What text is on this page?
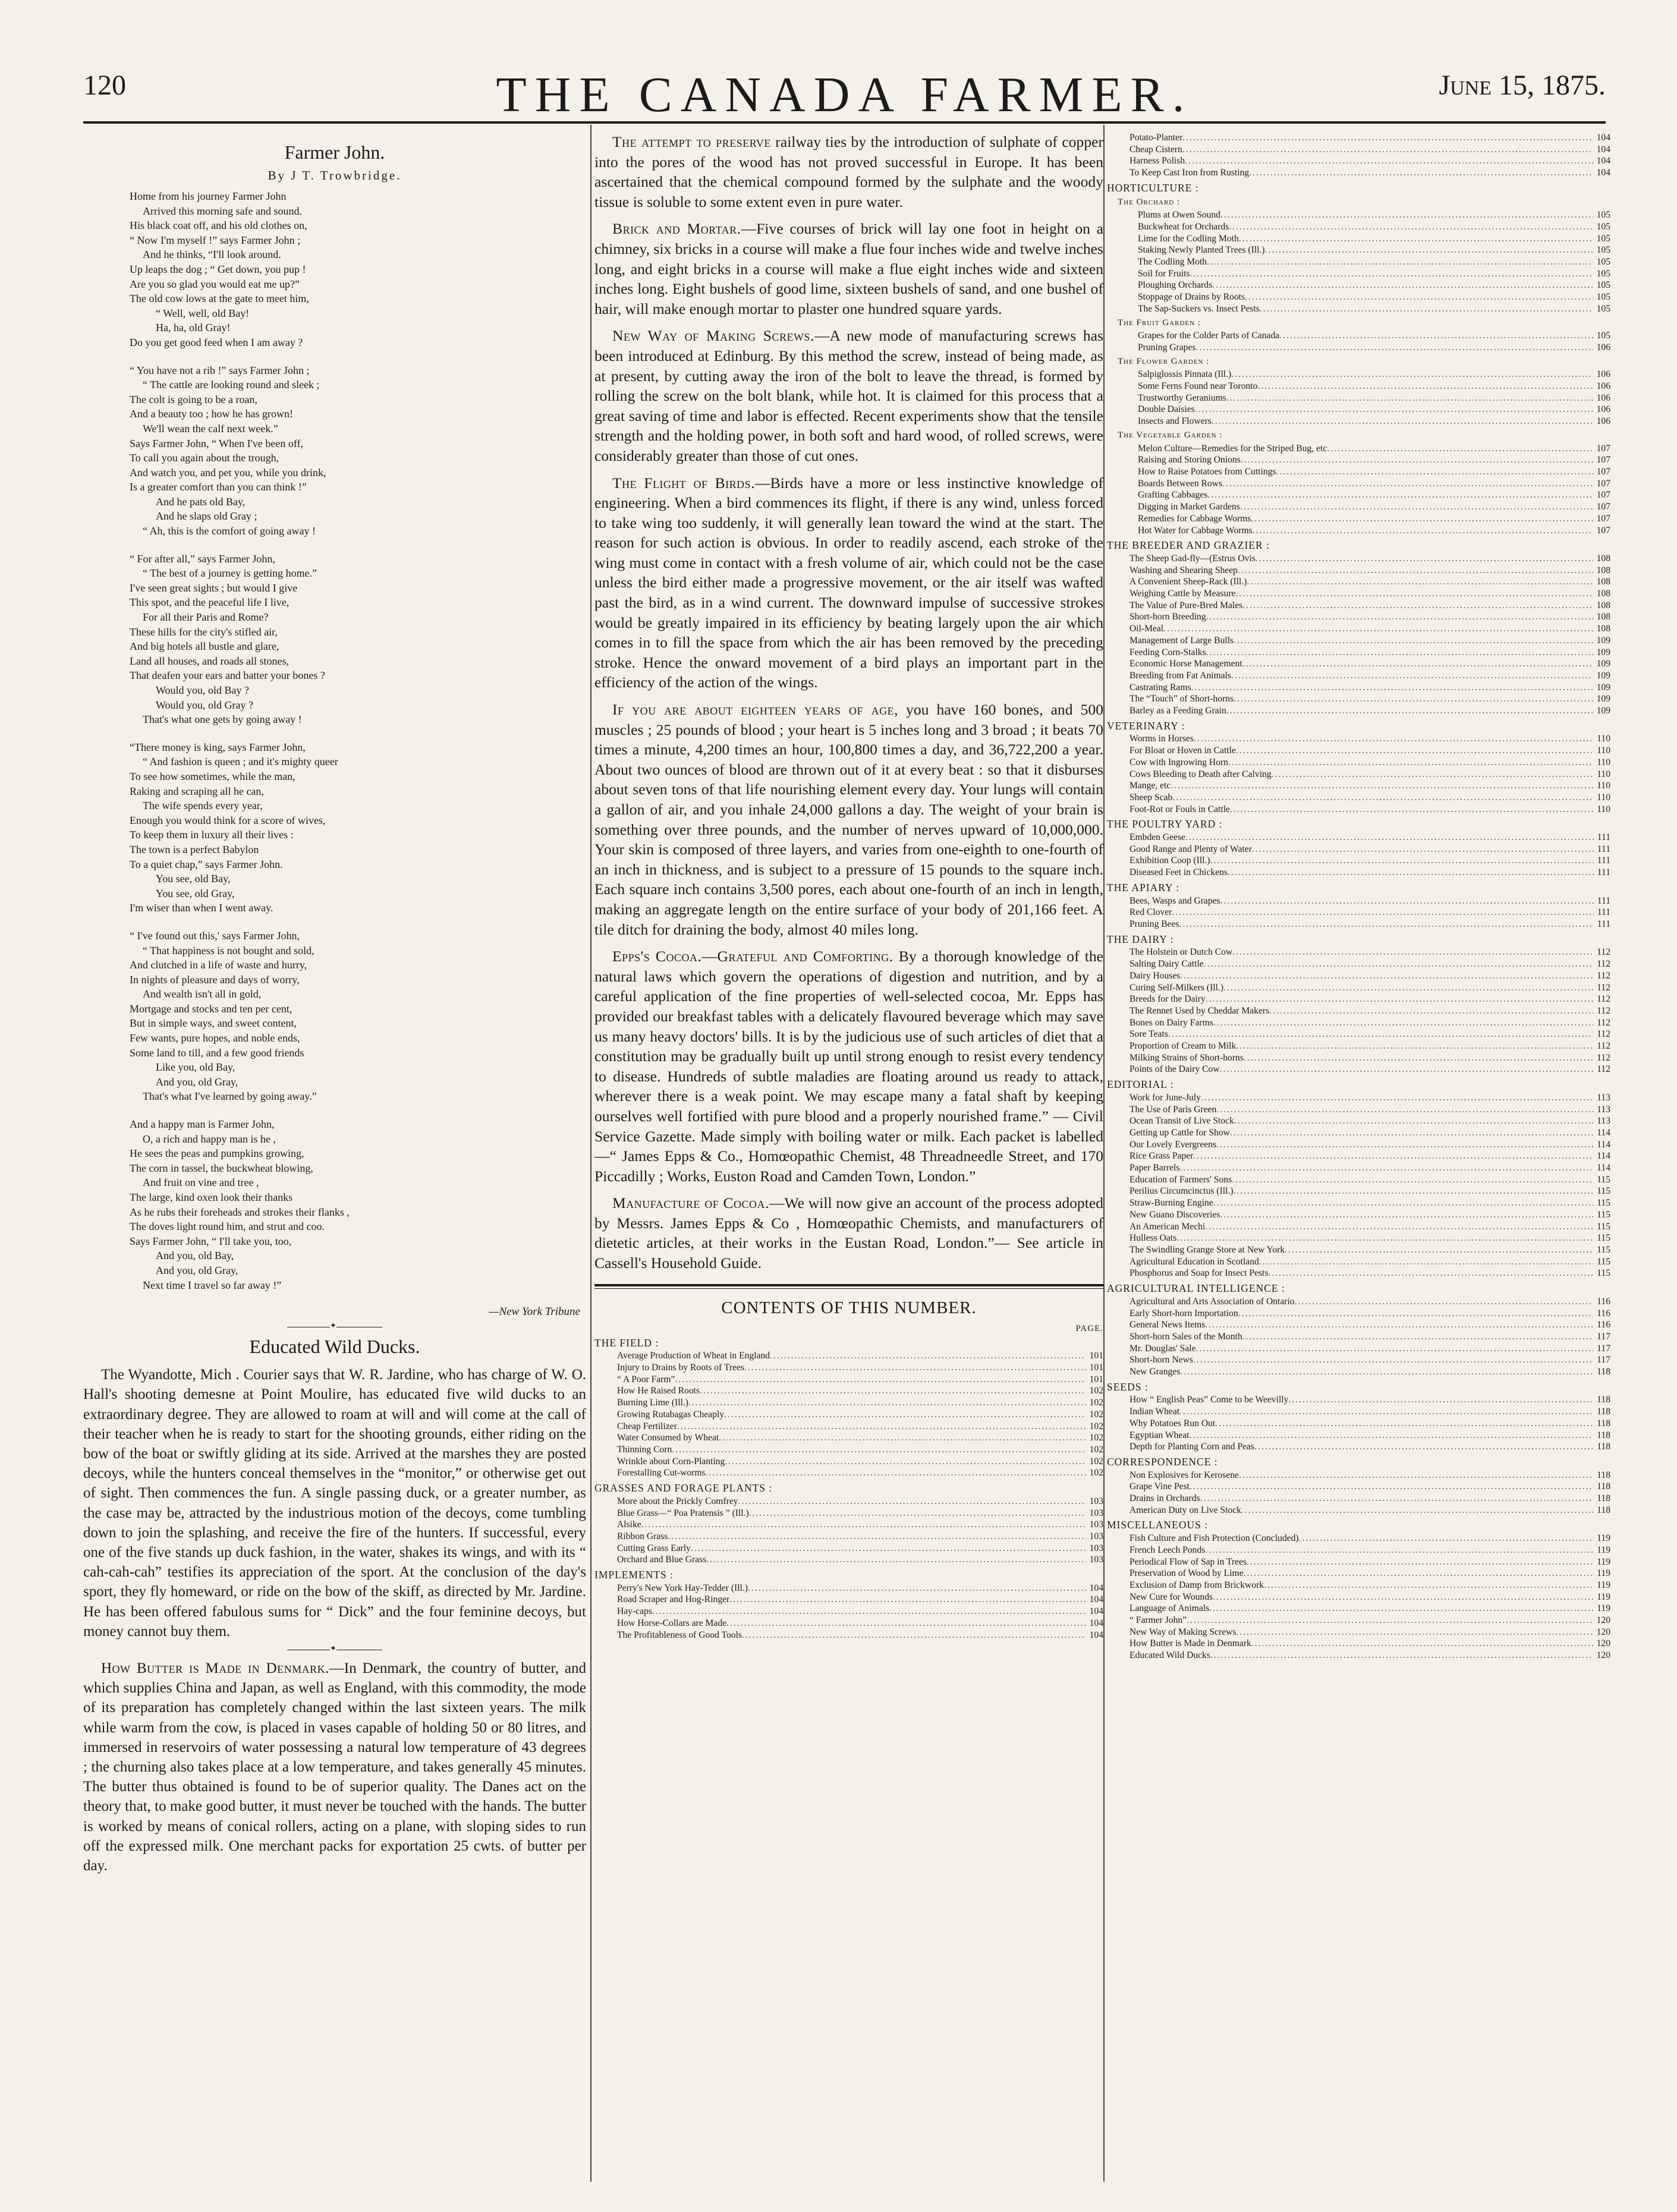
120	THE CANADA FARMER.	June 15, 1875.
Farmer John.
By J T. Trowbridge.
Home from his journey Farmer John
Arrived this morning safe and sound.
His black coat off, and his old clothes on,
“ Now I'm myself !” says Farmer John ;
And he thinks, “I'll look around.
Up leaps the dog ; “ Get down, you pup !
Are you so glad you would eat me up?”
The old cow lows at the gate to meet him,
“ Well, well, old Bay!
Ha, ha, old Gray!
Do you get good feed when I am away ?
“ You have not a rib !” says Farmer John ;
“ The cattle are looking round and sleek ;
The colt is going to be a roan,
And a beauty too ; how he has grown!
We'll wean the calf next week.”
Says Farmer John, “ When I've been off,
To call you again about the trough,
And watch you, and pet you, while you drink,
Is a greater comfort than you can think !”
And he pats old Bay,
And he slaps old Gray ;
“ Ah, this is the comfort of going away !
“ For after all,” says Farmer John,
“ The best of a journey is getting home.”
I've seen great sights ; but would I give
This spot, and the peaceful life I live,
For all their Paris and Rome?
These hills for the city's stifled air,
And big hotels all bustle and glare,
Land all houses, and roads all stones,
That deafen your ears and batter your bones ?
Would you, old Bay ?
Would you, old Gray ?
That's what one gets by going away !
“There money is king, says Farmer John,
“ And fashion is queen ; and it's mighty queer
To see how sometimes, while the man,
Raking and scraping all he can,
The wife spends every year,
Enough you would think for a score of wives,
To keep them in luxury all their lives :
The town is a perfect Babylon
To a quiet chap,” says Farmer John.
You see, old Bay,
You see, old Gray,
I'm wiser than when I went away.
“ I've found out this,' says Farmer John,
“ That happiness is not bought and sold,
And clutched in a life of waste and hurry,
In nights of pleasure and days of worry,
And wealth isn't all in gold,
Mortgage and stocks and ten per cent,
But in simple ways, and sweet content,
Few wants, pure hopes, and noble ends,
Some land to till, and a few good friends
Like you, old Bay,
And you, old Gray,
That's what I've learned by going away.”
And a happy man is Farmer John,
O, a rich and happy man is he ,
He sees the peas and pumpkins growing,
The corn in tassel, the buckwheat blowing,
And fruit on vine and tree ,
The large, kind oxen look their thanks
As he rubs their foreheads and strokes their flanks ,
The doves light round him, and strut and coo.
Says Farmer John, “ I'll take you, too,
And you, old Bay,
And you, old Gray,
Next time I travel so far away !”
—New York Tribune
✦
Educated Wild Ducks.

The Wyandotte, Mich . Courier says that W. R. Jardine, who has charge of W. O. Hall's shooting demesne at Point Moulire, has educated five wild ducks to an extraordinary degree. They are allowed to roam at will and will come at the call of their teacher when he is ready to start for the shooting grounds, either riding on the bow of the boat or swiftly gliding at its side. Arrived at the marshes they are posted decoys, while the hunters conceal themselves in the “monitor,” or otherwise get out of sight. Then commences the fun. A single passing duck, or a greater number, as the case may be, attracted by the industrious motion of the decoys, come tumbling down to join the splashing, and receive the fire of the hunters. If successful, every one of the five stands up duck fashion, in the water, shakes its wings, and with its “ cah-cah-cah” testifies its appreciation of the sport. At the conclusion of the day's sport, they fly homeward, or ride on the bow of the skiff, as directed by Mr. Jardine. He has been offered fabulous sums for “ Dick” and the four feminine decoys, but money cannot buy them.

✦

How Butter is Made in Denmark.—In Denmark, the country of butter, and which supplies China and Japan, as well as England, with this commodity, the mode of its preparation has completely changed within the last sixteen years. The milk while warm from the cow, is placed in vases capable of holding 50 or 80 litres, and immersed in reservoirs of water possessing a natural low temperature of 43 degrees ; the churning also takes place at a low temperature, and takes generally 45 minutes. The butter thus obtained is found to be of superior quality. The Danes act on the theory that, to make good butter, it must never be touched with the hands. The butter is worked by means of conical rollers, acting on a plane, with sloping sides to run off the expressed milk. One merchant packs for exportation 25 cwts. of butter per day.

The attempt to preserve railway ties by the introduction of sulphate of copper into the pores of the wood has not proved successful in Europe. It has been ascertained that the chemical compound formed by the sulphate and the woody tissue is soluble to some extent even in pure water.

Brick and Mortar.—Five courses of brick will lay one foot in height on a chimney, six bricks in a course will make a flue four inches wide and twelve inches long, and eight bricks in a course will make a flue eight inches wide and sixteen inches long. Eight bushels of good lime, sixteen bushels of sand, and one bushel of hair, will make enough mortar to plaster one hundred square yards.

New Way of Making Screws.—A new mode of manufacturing screws has been introduced at Edinburg. By this method the screw, instead of being made, as at present, by cutting away the iron of the bolt to leave the thread, is formed by rolling the screw on the bolt blank, while hot. It is claimed for this process that a great saving of time and labor is effected. Recent experiments show that the tensile strength and the holding power, in both soft and hard wood, of rolled screws, were considerably greater than those of cut ones.

The Flight of Birds.—Birds have a more or less instinctive knowledge of engineering. When a bird commences its flight, if there is any wind, unless forced to take wing too suddenly, it will generally lean toward the wind at the start. The reason for such action is obvious. In order to readily ascend, each stroke of the wing must come in contact with a fresh volume of air, which could not be the case unless the bird either made a progressive movement, or the air itself was wafted past the bird, as in a wind current. The downward impulse of successive strokes would be greatly impaired in its efficiency by beating largely upon the air which comes in to fill the space from which the air has been removed by the preceding stroke. Hence the onward movement of a bird plays an important part in the efficiency of the action of the wings.

If you are about eighteen years of age, you have 160 bones, and 500 muscles ; 25 pounds of blood ; your heart is 5 inches long and 3 broad ; it beats 70 times a minute, 4,200 times an hour, 100,800 times a day, and 36,722,200 a year. About two ounces of blood are thrown out of it at every beat : so that it disburses about seven tons of that life nourishing element every day. Your lungs will contain a gallon of air, and you inhale 24,000 gallons a day. The weight of your brain is something over three pounds, and the number of nerves upward of 10,000,000. Your skin is composed of three layers, and varies from one-eighth to one-fourth of an inch in thickness, and is subject to a pressure of 15 pounds to the square inch. Each square inch contains 3,500 pores, each about one-fourth of an inch in length, making an aggregate length on the entire surface of your body of 201,166 feet. A tile ditch for draining the body, almost 40 miles long.

Epps's Cocoa.—Grateful and Comforting. By a thorough knowledge of the natural laws which govern the operations of digestion and nutrition, and by a careful application of the fine properties of well-selected cocoa, Mr. Epps has provided our breakfast tables with a delicately flavoured beverage which may save us many heavy doctors' bills. It is by the judicious use of such articles of diet that a constitution may be gradually built up until strong enough to resist every tendency to disease. Hundreds of subtle maladies are floating around us ready to attack, wherever there is a weak point. We may escape many a fatal shaft by keeping ourselves well fortified with pure blood and a properly nourished frame.” — Civil Service Gazette. Made simply with boiling water or milk. Each packet is labelled—“ James Epps & Co., Homœopathic Chemist, 48 Threadneedle Street, and 170 Piccadilly ; Works, Euston Road and Camden Town, London.”

Manufacture of Cocoa.—We will now give an account of the process adopted by Messrs. James Epps & Co , Homœopathic Chemists, and manufacturers of dietetic articles, at their works in the Eustan Road, London.”— See article in Cassell's Household Guide.

CONTENTS OF THIS NUMBER.
PAGE.
THE FIELD :
Average Production of Wheat in England .....	101
Injury to Drains by Roots of Trees .....	101
“ A Poor Farm” .....	101
How He Raised Roots .....	102
Burning Lime (Ill.) .....	102
Growing Rutabagas Cheaply .....	102
Cheap Fertilizer .....	102
Water Consumed by Wheat .....	102
Thinning Corn .....	102
Wrinkle about Corn-Planting .....	102
Forestalling Cut-worms .....	102
GRASSES AND FORAGE PLANTS :
More about the Prickly Comfrey .....	103
Blue Grass—“ Poa Pratensis ” (Ill.) .....	103
Alsike .....	103
Ribbon Grass .....	103
Cutting Grass Early .....	103
Orchard and Blue Grass .....	103
IMPLEMENTS :
Perry's New York Hay-Tedder (Ill.) .....	104
Road Scraper and Hog-Ringer .....	104
Hay-caps .....	104
How Horse-Collars are Made .....	104
The Profitableness of Good Tools .....	104
Potato-Planter .....	104
Cheap Cistern .....	104
Harness Polish .....	104
To Keep Cast Iron from Rusting .....	104
HORTICULTURE :
The Orchard :
Plums at Owen Sound .....	105
Buckwheat for Orchards .....	105
Lime for the Codling Moth .....	105
Staking Newly Planted Trees (Ill.) .....	105
The Codling Moth .....	105
Soil for Fruits .....	105
Ploughing Orchards .....	105
Stoppage of Drains by Roots .....	105
The Sap-Suckers vs. Insect Pests .....	105
The Fruit Garden :
Grapes for the Colder Parts of Canada .....	105
Pruning Grapes .....	106
The Flower Garden :
Salpiglossis Pinnata (Ill.) .....	106
Some Ferns Found near Toronto .....	106
Trustworthy Geraniums .....	106
Double Daisies .....	106
Insects and Flowers .....	106
The Vegetable Garden :
Melon Culture—Remedies for the Striped Bug, etc .....	107
Raising and Storing Onions .....	107
How to Raise Potatoes from Cuttings .....	107
Boards Between Rows .....	107
Grafting Cabbages .....	107
Digging in Market Gardens .....	107
Remedies for Cabbage Worms .....	107
Hot Water for Cabbage Worms .....	107
THE BREEDER AND GRAZIER :
The Sheep Gad-fly—(Estrus Ovis .....	108
Washing and Shearing Sheep .....	108
A Convenient Sheep-Rack (Ill.) .....	108
Weighing Cattle by Measure .....	108
The Value of Pure-Bred Males .....	108
Short-horn Breeding .....	108
Oil-Meal .....	108
Management of Large Bulls .....	109
Feeding Corn-Stalks .....	109
Economic Horse Management .....	109
Breeding from Fat Animals .....	109
Castrating Rams .....	109
The “Touch” of Short-horns .....	109
Barley as a Feeding Grain .....	109
VETERINARY :
Worms in Horses .....	110
For Bloat or Hoven in Cattle .....	110
Cow with Ingrowing Horn .....	110
Cows Bleeding to Death after Calving .....	110
Mange, etc .....	110
Sheep Scab .....	110
Foot-Rot or Fouls in Cattle .....	110
THE POULTRY YARD :
Embden Geese .....	111
Good Range and Plenty of Water .....	111
Exhibition Coop (Ill.) .....	111
Diseased Feet in Chickens .....	111
THE APIARY :
Bees, Wasps and Grapes .....	111
Red Clover .....	111
Pruning Bees .....	111
THE DAIRY :
The Holstein or Dutch Cow .....	112
Salting Dairy Cattle .....	112
Dairy Houses .....	112
Curing Self-Milkers (Ill.) .....	112
Breeds for the Dairy .....	112
The Rennet Used by Cheddar Makers .....	112
Bones on Dairy Farms .....	112
Sore Teats .....	112
Proportion of Cream to Milk .....	112
Milking Strains of Short-horns .....	112
Points of the Dairy Cow .....	112
EDITORIAL :
Work for June-July .....	113
The Use of Paris Green .....	113
Ocean Transit of Live Stock .....	113
Getting up Cattle for Show .....	114
Our Lovely Evergreens .....	114
Rice Grass Paper .....	114
Paper Barrels .....	114
Education of Farmers' Sons .....	115
Perilius Circumcinctus (Ill.) .....	115
Straw-Burning Engine .....	115
New Guano Discoveries .....	115
An American Mechi .....	115
Hulless Oats .....	115
The Swindling Grange Store at New York .....	115
Agricultural Education in Scotland .....	115
Phosphorus and Soap for Insect Pests .....	115
AGRICULTURAL INTELLIGENCE :
Agricultural and Arts Association of Ontario .....	116
Early Short-horn Importation .....	116
General News Items .....	116
Short-horn Sales of the Month .....	117
Mr. Douglas' Sale .....	117
Short-horn News .....	117
New Granges .....	118
SEEDS :
How “ English Peas” Come to be Weevilly .....	118
Indian Wheat .....	118
Why Potatoes Run Out .....	118
Egyptian Wheat .....	118
Depth for Planting Corn and Peas .....	118
CORRESPONDENCE :
Non Explosives for Kerosene .....	118
Grape Vine Pest .....	118
Drains in Orchards .....	118
American Duty on Live Stock .....	118
MISCELLANEOUS :
Fish Culture and Fish Protection (Concluded) .....	119
French Leech Ponds .....	119
Periodical Flow of Sap in Trees .....	119
Preservation of Wood by Lime .....	119
Exclusion of Damp from Brickwork .....	119
New Cure for Wounds .....	119
Language of Animals .....	119
“ Farmer John” .....	120
New Way of Making Screws .....	120
How Butter is Made in Denmark .....	120
Educated Wild Ducks .....	120
